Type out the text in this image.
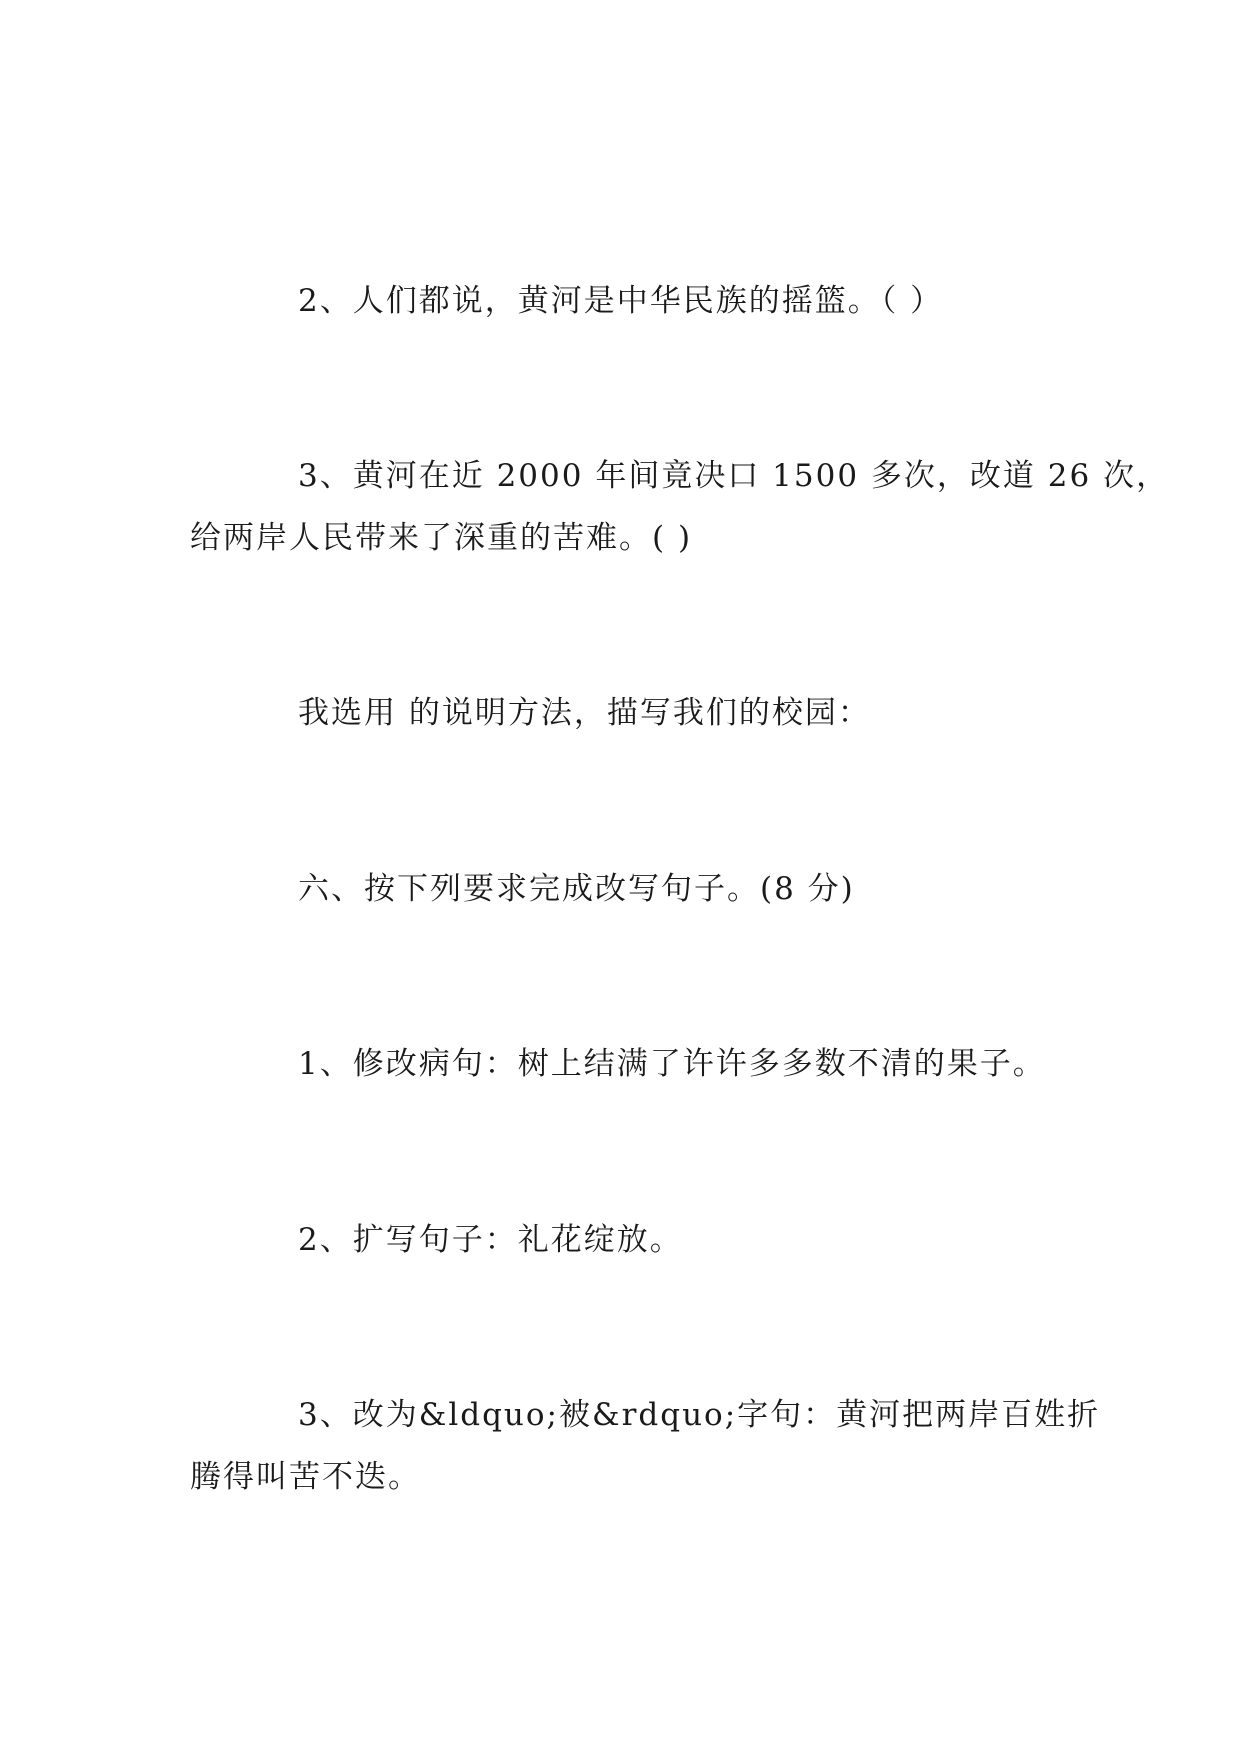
2、人们都说，黄河是中华民族的摇篮。（ ）
3、黄河在近 2000 年间竟决口 1500 多次，改道 26 次，
给两岸人民带来了深重的苦难。( )
我选用 的说明方法，描写我们的校园：
六、按下列要求完成改写句子。(8 分)
1、修改病句：树上结满了许许多多数不清的果子。
2、扩写句子：礼花绽放。
3、改为&ldquo;被&rdquo;字句：黄河把两岸百姓折
腾得叫苦不迭。
